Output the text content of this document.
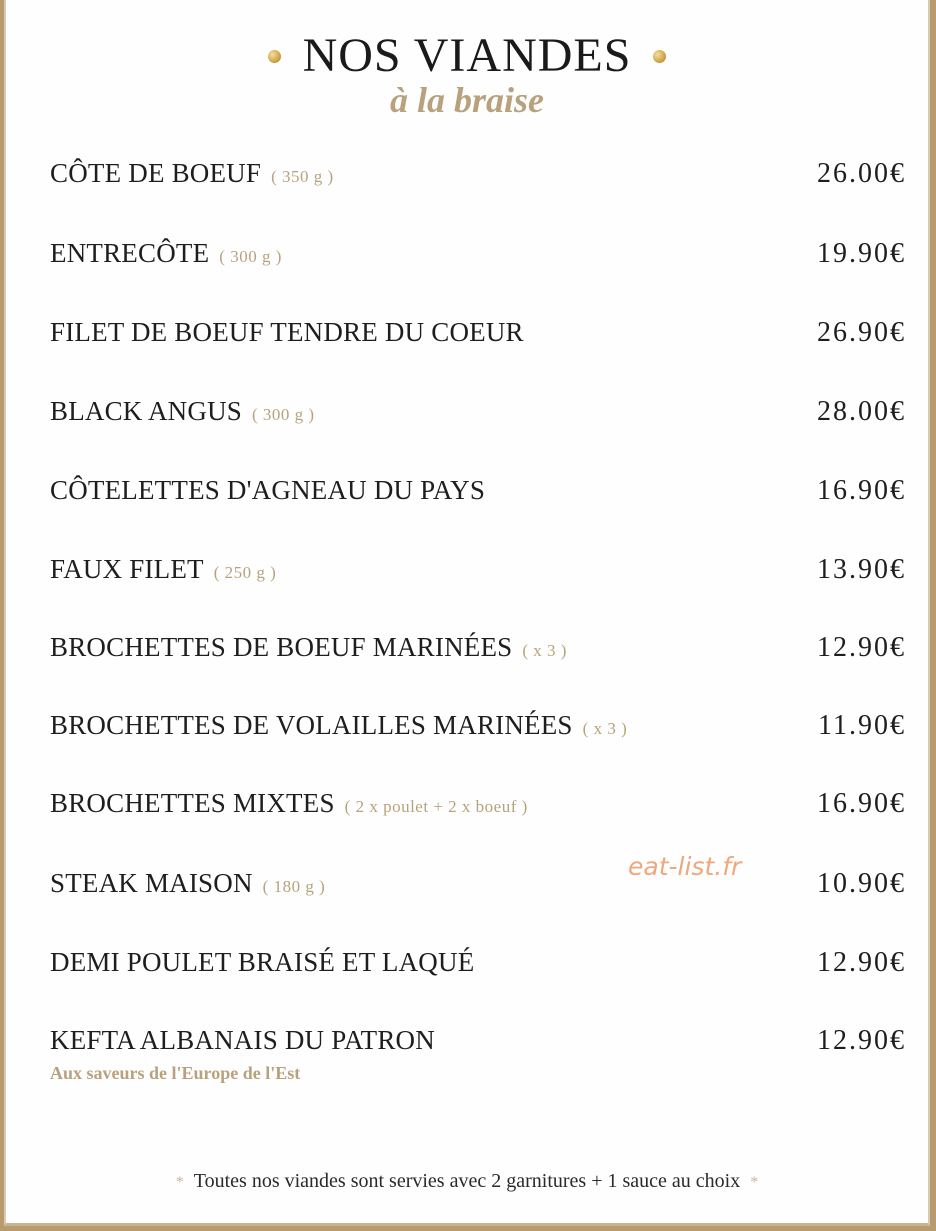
NOS VIANDES
à la braise
CÔTE DE BOEUF ( 350 g )	26.00€
ENTRECÔTE ( 300 g )	19.90€
FILET DE BOEUF TENDRE DU COEUR	26.90€
BLACK ANGUS ( 300 g )	28.00€
CÔTELETTES D'AGNEAU DU PAYS	16.90€
FAUX FILET ( 250 g )	13.90€
BROCHETTES DE BOEUF MARINÉES ( x 3 )	12.90€
BROCHETTES DE VOLAILLES MARINÉES ( x 3 )	11.90€
BROCHETTES MIXTES ( 2 x poulet + 2 x boeuf )	16.90€
STEAK MAISON ( 180 g )	10.90€
DEMI POULET BRAISÉ ET LAQUÉ	12.90€
KEFTA ALBANAIS DU PATRON	12.90€
Aux saveurs de l'Europe de l'Est
eat-list.fr
* Toutes nos viandes sont servies avec 2 garnitures + 1 sauce au choix *
